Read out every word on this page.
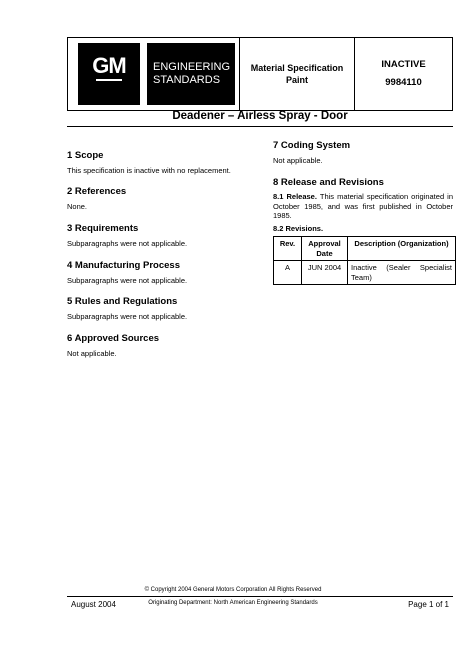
GM	ENGINEERING
STANDARDS
Material Specification
Paint
INACTIVE
9984110
Deadener – Airless Spray - Door
1 Scope
This specification is inactive with no replacement.
2 References
None.
3 Requirements
Subparagraphs were not applicable.
4 Manufacturing Process
Subparagraphs were not applicable.
5 Rules and Regulations
Subparagraphs were not applicable.
6 Approved Sources
Not applicable.
7 Coding System
Not applicable.
8 Release and Revisions
8.1 Release. This material specification originated in October 1985, and was first published in October 1985.
8.2 Revisions.
Rev.	Approval Date	Description (Organization)
A	JUN 2004	Inactive (Sealer Specialist Team)
© Copyright 2004 General Motors Corporation All Rights Reserved
August 2004	Originating Department: North American Engineering Standards	Page 1 of 1
